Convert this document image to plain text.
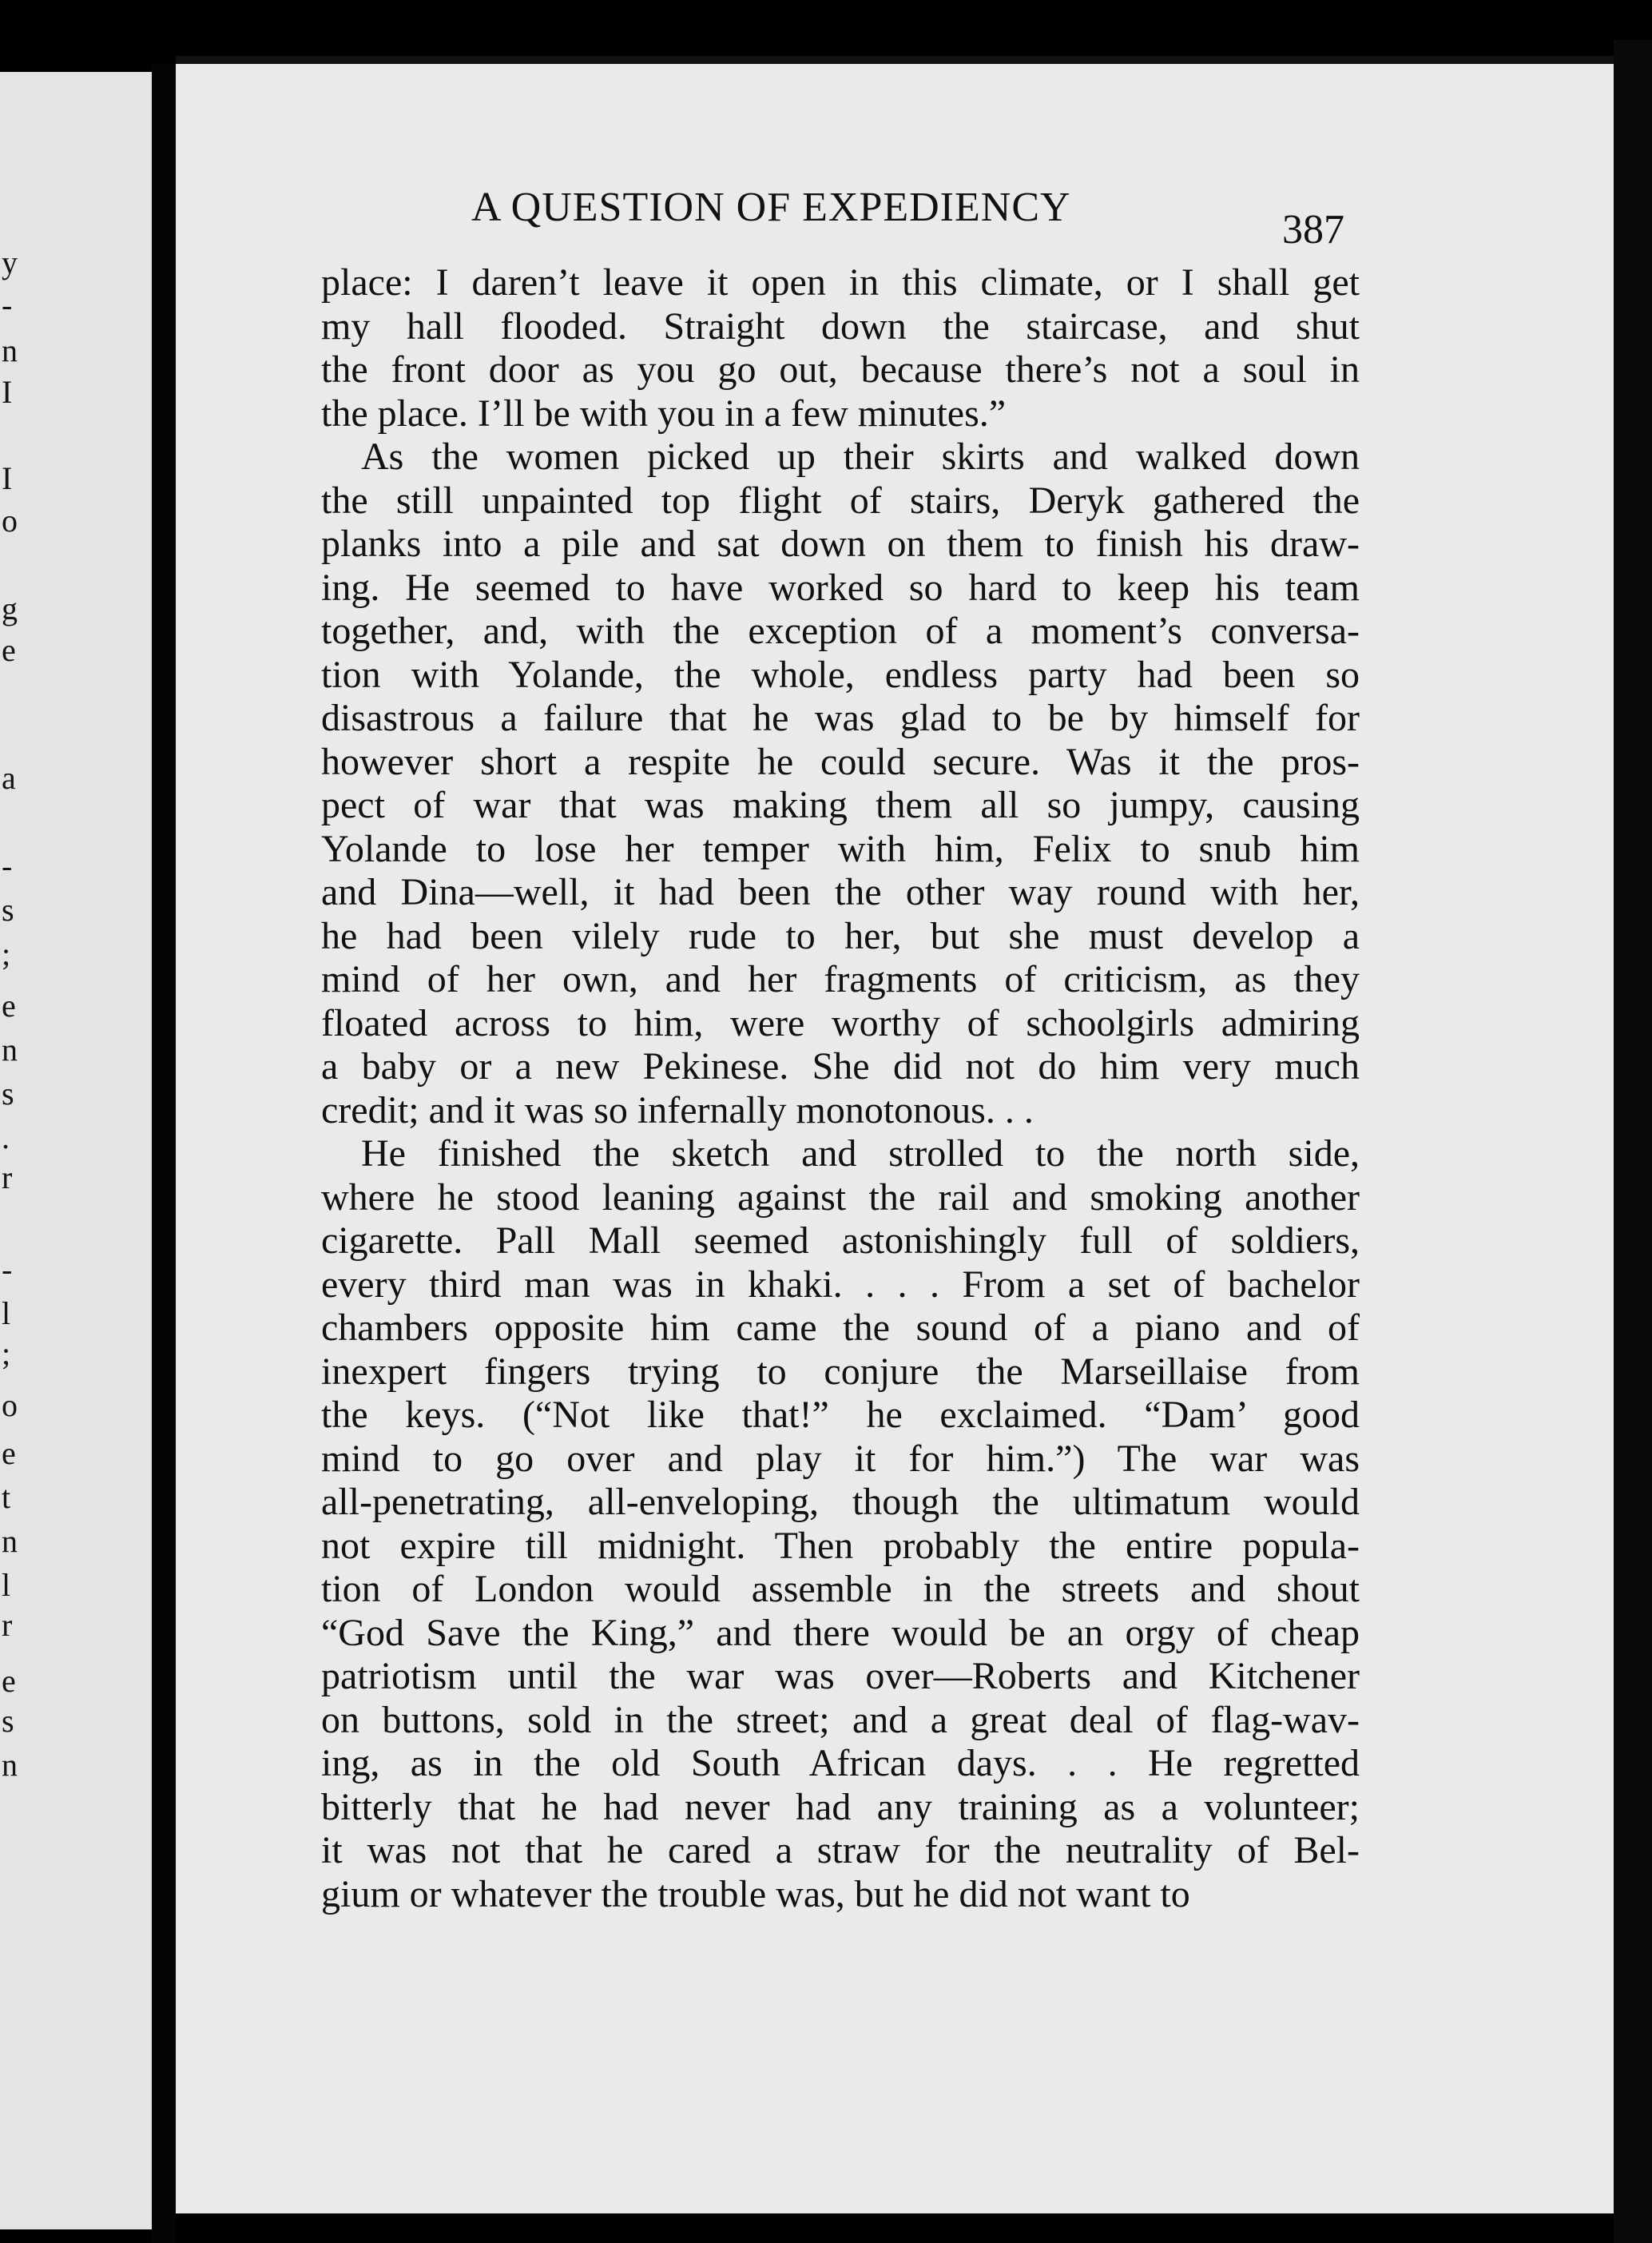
y
-
n
I
I
o
g
e
a
-
s
;
e
n
s
.
r
-
l
;
o
e
t
n
l
r
e
s
n
A QUESTION OF EXPEDIENCY	387
place: I daren’t leave it open in this climate, or I shall get
my hall flooded. Straight down the staircase, and shut
the front door as you go out, because there’s not a soul in
the place. I’ll be with you in a few minutes.”
As the women picked up their skirts and walked down
the still unpainted top flight of stairs, Deryk gathered the
planks into a pile and sat down on them to finish his draw-
ing. He seemed to have worked so hard to keep his team
together, and, with the exception of a moment’s conversa-
tion with Yolande, the whole, endless party had been so
disastrous a failure that he was glad to be by himself for
however short a respite he could secure. Was it the pros-
pect of war that was making them all so jumpy, causing
Yolande to lose her temper with him, Felix to snub him
and Dina—well, it had been the other way round with her,
he had been vilely rude to her, but she must develop a
mind of her own, and her fragments of criticism, as they
floated across to him, were worthy of schoolgirls admiring
a baby or a new Pekinese. She did not do him very much
credit; and it was so infernally monotonous. . .
He finished the sketch and strolled to the north side,
where he stood leaning against the rail and smoking another
cigarette. Pall Mall seemed astonishingly full of soldiers,
every third man was in khaki. . . . From a set of bachelor
chambers opposite him came the sound of a piano and of
inexpert fingers trying to conjure the Marseillaise from
the keys. (“Not like that!” he exclaimed. “Dam’ good
mind to go over and play it for him.”) The war was
all-penetrating, all-enveloping, though the ultimatum would
not expire till midnight. Then probably the entire popula-
tion of London would assemble in the streets and shout
“God Save the King,” and there would be an orgy of cheap
patriotism until the war was over—Roberts and Kitchener
on buttons, sold in the street; and a great deal of flag-wav-
ing, as in the old South African days. . . He regretted
bitterly that he had never had any training as a volunteer;
it was not that he cared a straw for the neutrality of Bel-
gium or whatever the trouble was, but he did not want to
